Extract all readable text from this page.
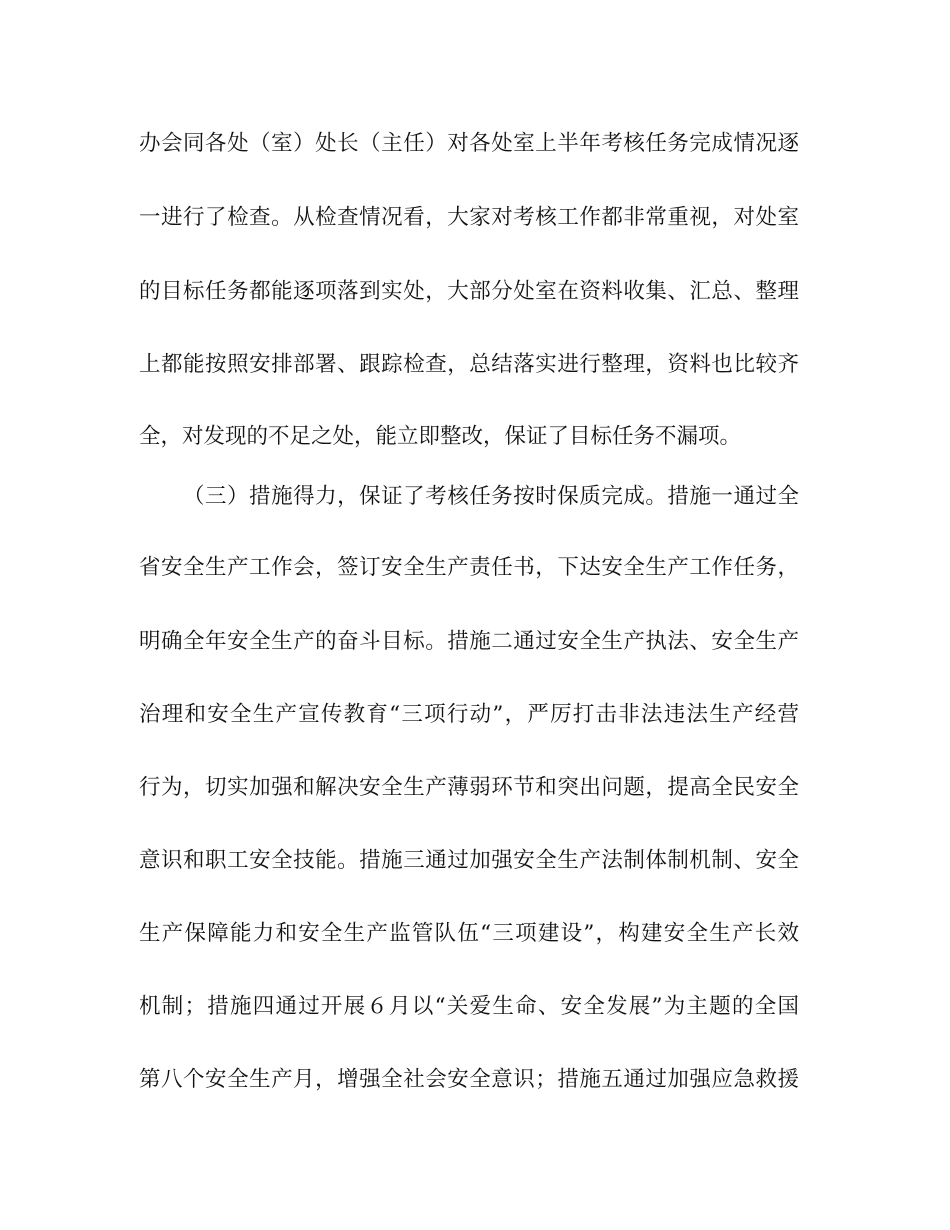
办会同各处（室）处长（主任）对各处室上半年考核任务完成情况逐
一进行了检查。从检查情况看，大家对考核工作都非常重视，对处室
的目标任务都能逐项落到实处，大部分处室在资料收集、汇总、整理
上都能按照安排部署、跟踪检查，总结落实进行整理，资料也比较齐
全，对发现的不足之处，能立即整改，保证了目标任务不漏项。
（三）措施得力，保证了考核任务按时保质完成。措施一通过全
省安全生产工作会，签订安全生产责任书，下达安全生产工作任务，
明确全年安全生产的奋斗目标。措施二通过安全生产执法、安全生产
治理和安全生产宣传教育“三项行动”，严厉打击非法违法生产经营
行为，切实加强和解决安全生产薄弱环节和突出问题，提高全民安全
意识和职工安全技能。措施三通过加强安全生产法制体制机制、安全
生产保障能力和安全生产监管队伍“三项建设”，构建安全生产长效
机制；措施四通过开展６月以“关爱生命、安全发展”为主题的全国
第八个安全生产月，增强全社会安全意识；措施五通过加强应急救援
